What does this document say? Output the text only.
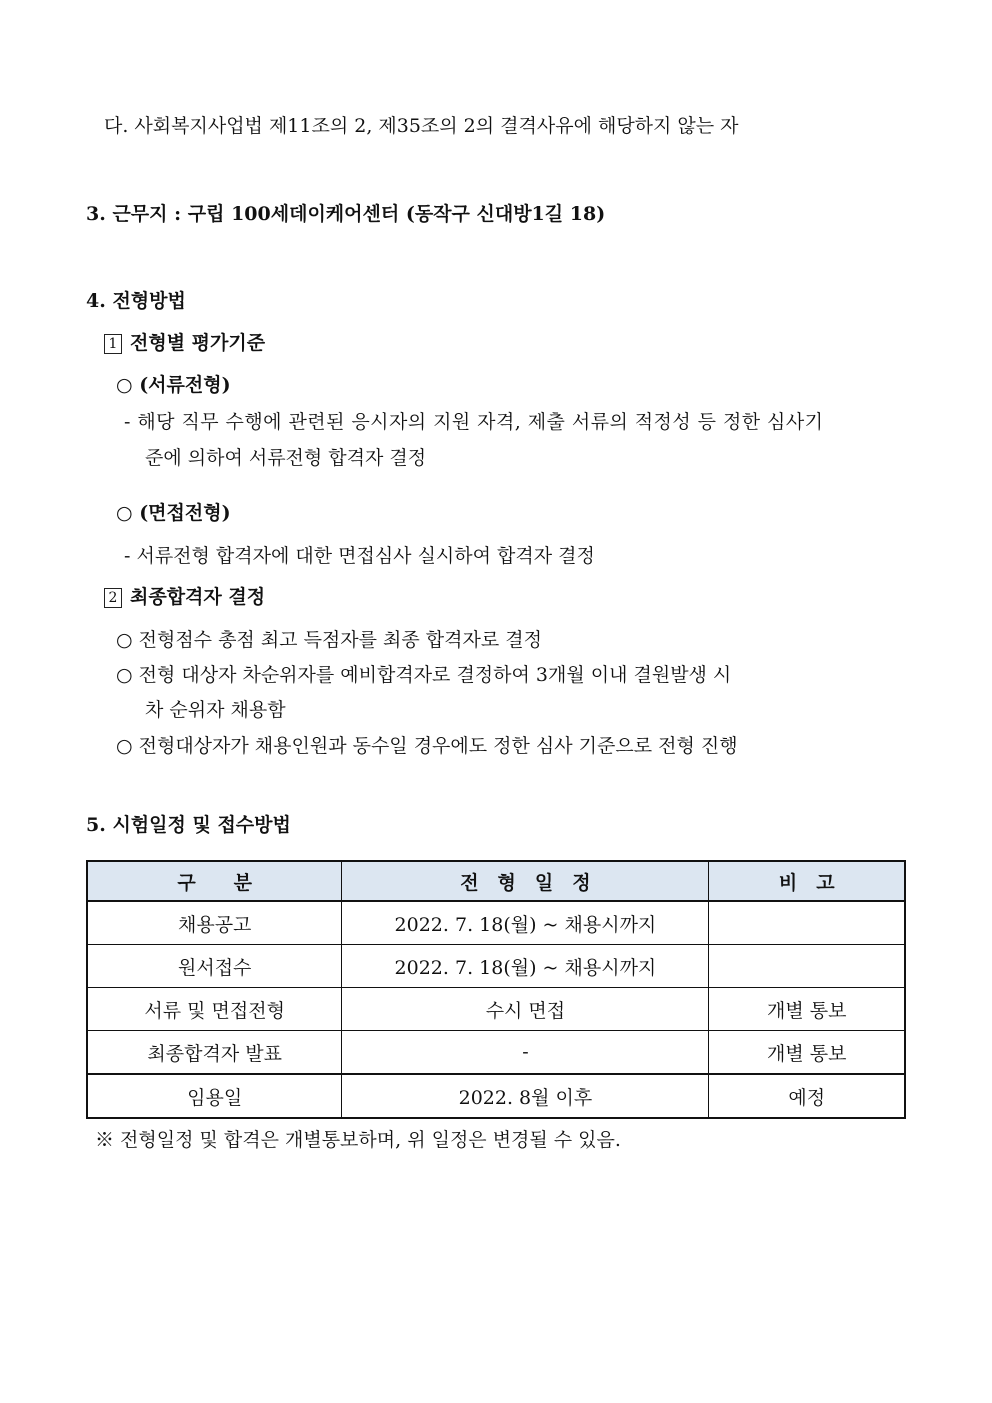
다. 사회복지사업법 제11조의 2, 제35조의 2의 결격사유에 해당하지 않는 자
3. 근무지 : 구립 100세데이케어센터 (동작구 신대방1길 18)
4. 전형방법
1 전형별 평가기준
○ (서류전형)
- 해당 직무 수행에 관련된 응시자의 지원 자격, 제출 서류의 적정성 등 정한 심사기
준에 의하여 서류전형 합격자 결정
○ (면접전형)
- 서류전형 합격자에 대한 면접심사 실시하여 합격자 결정
2 최종합격자 결정
○ 전형점수 총점 최고 득점자를 최종 합격자로 결정
○ 전형 대상자 차순위자를 예비합격자로 결정하여 3개월 이내 결원발생 시
차 순위자 채용함
○ 전형대상자가 채용인원과 동수일 경우에도 정한 심사 기준으로 전형 진행
5. 시험일정 및 접수방법
구　　분	전　형　일　정	비　고
채용공고	2022. 7. 18(월) ~ 채용시까지	
원서접수	2022. 7. 18(월) ~ 채용시까지	
서류 및 면접전형	수시 면접	개별 통보
최종합격자 발표	-	개별 통보
임용일	2022. 8월 이후	예정
※ 전형일정 및 합격은 개별통보하며, 위 일정은 변경될 수 있음.
